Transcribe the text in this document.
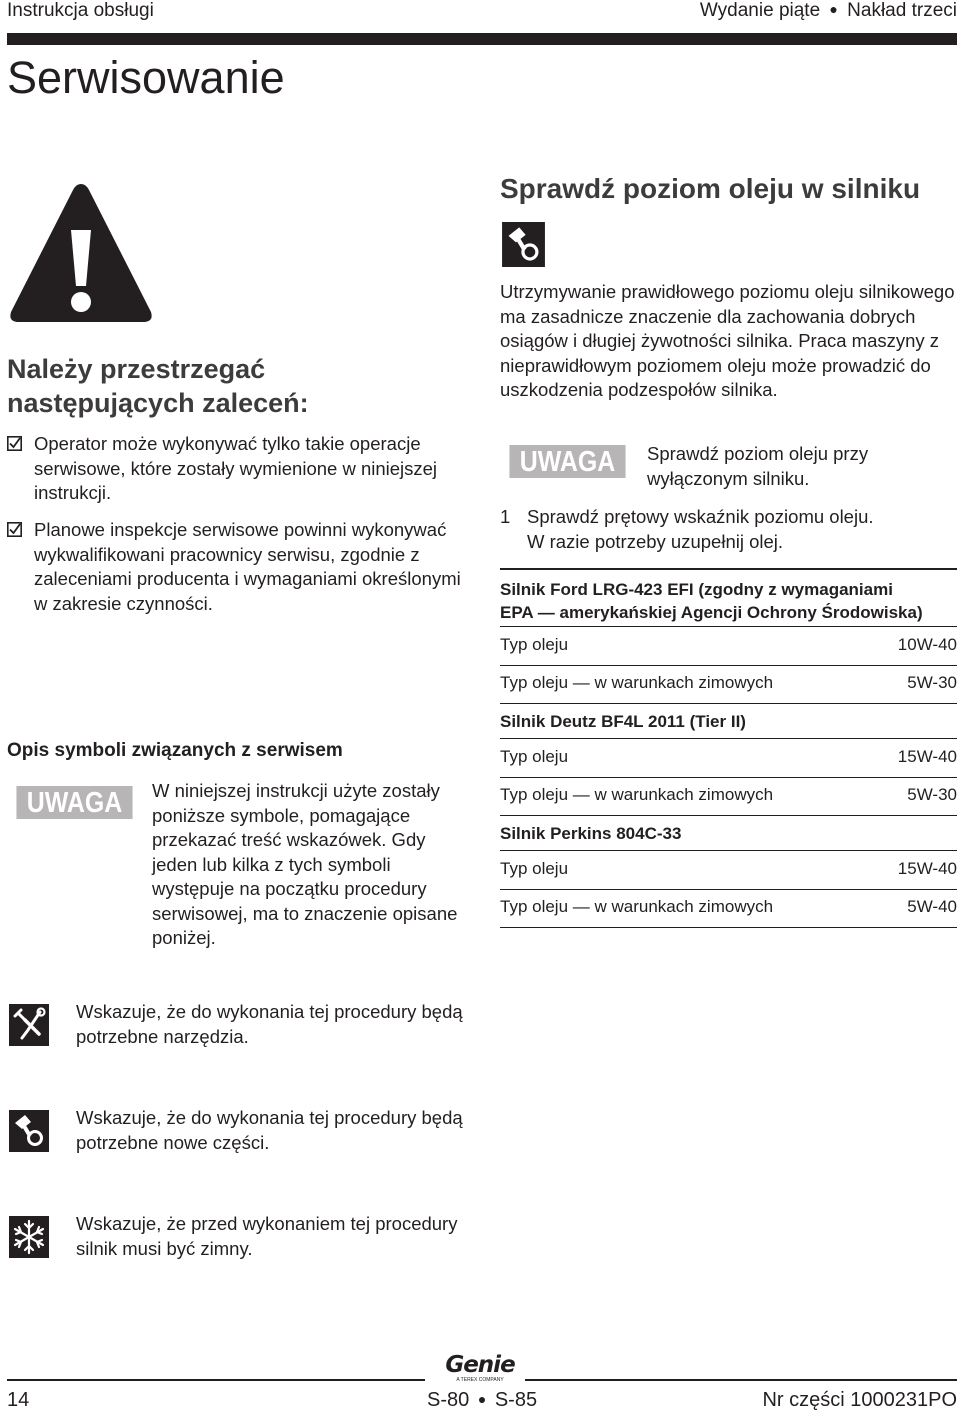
Instrukcja obsługi	Wydanie piąte ● Nakład trzeci
Serwisowanie
Należy przestrzegać
następujących zaleceń:
Operator może wykonywać tylko takie operacje serwisowe, które zostały wymienione w niniejszej instrukcji.
Planowe inspekcje serwisowe powinni wykonywać wykwalifikowani pracownicy serwisu, zgodnie z zaleceniami producenta i wymaganiami określonymi w zakresie czynności.
Opis symboli związanych z serwisem
UWAGA	W niniejszej instrukcji użyte zostały poniższe symbole, pomagające przekazać treść wskazówek. Gdy jeden lub kilka z tych symboli występuje na początku procedury serwisowej, ma to znaczenie opisane poniżej.
Wskazuje, że do wykonania tej procedury będą potrzebne narzędzia.
Wskazuje, że do wykonania tej procedury będą potrzebne nowe części.
Wskazuje, że przed wykonaniem tej procedury silnik musi być zimny.
Sprawdź poziom oleju w silniku
Utrzymywanie prawidłowego poziomu oleju silnikowego ma zasadnicze znaczenie dla zachowania dobrych osiągów i długiej żywotności silnika. Praca maszyny z nieprawidłowym poziomem oleju może prowadzić do uszkodzenia podzespołów silnika.
UWAGA	Sprawdź poziom oleju przy wyłączonym silniku.
1 Sprawdź prętowy wskaźnik poziomu oleju.
W razie potrzeby uzupełnij olej.
Silnik Ford LRG-423 EFI (zgodny z wymaganiami
EPA — amerykańskiej Agencji Ochrony Środowiska)
Typ oleju	10W-40
Typ oleju — w warunkach zimowych	5W-30
Silnik Deutz BF4L 2011 (Tier II)
Typ oleju	15W-40
Typ oleju — w warunkach zimowych	5W-30
Silnik Perkins 804C-33
Typ oleju	15W-40
Typ oleju — w warunkach zimowych	5W-40
Genie
A TEREX COMPANY
14	S-80 ● S-85	Nr części 1000231PO
